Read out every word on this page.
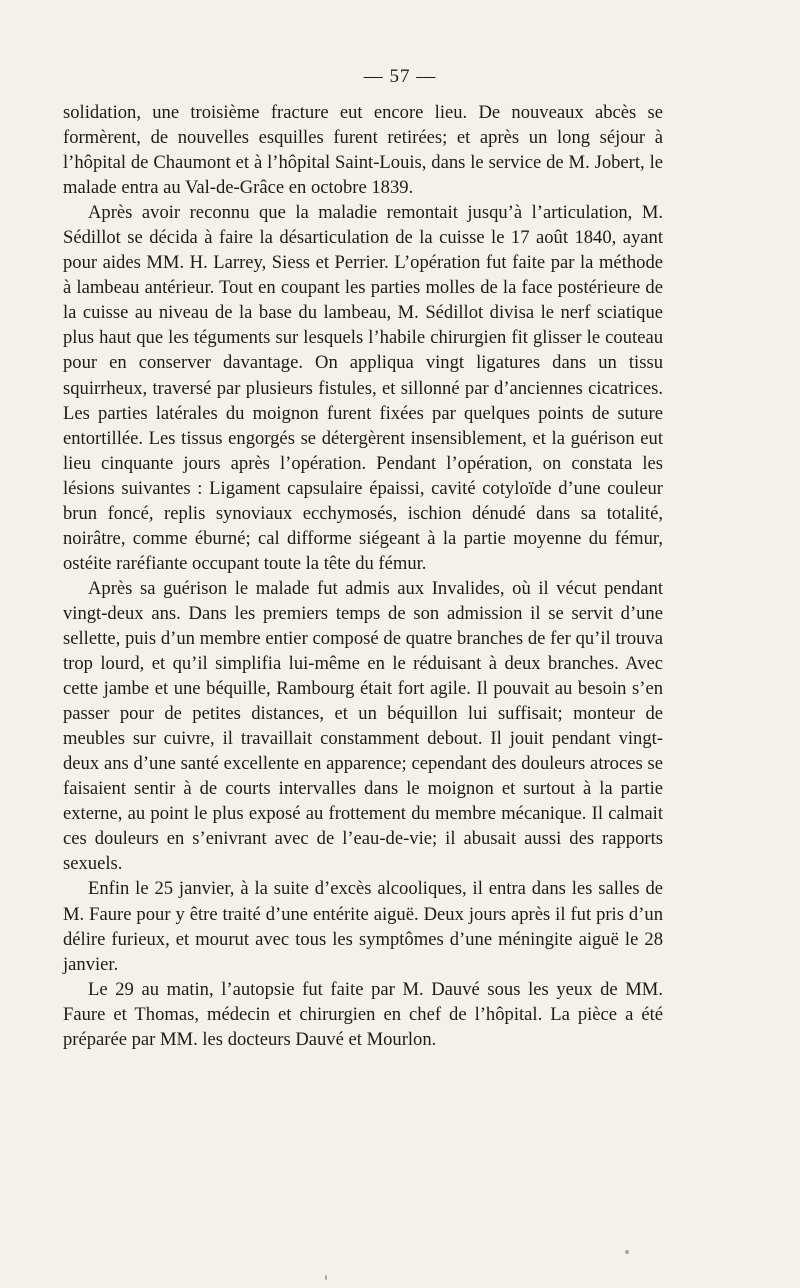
— 57 —

solidation, une troisième fracture eut encore lieu. De nouveaux abcès se formèrent, de nouvelles esquilles furent retirées; et après un long séjour à l’hôpital de Chaumont et à l’hôpital Saint-Louis, dans le service de M. Jobert, le malade entra au Val-de-Grâce en octobre 1839.

Après avoir reconnu que la maladie remontait jusqu’à l’articulation, M. Sédillot se décida à faire la désarticulation de la cuisse le 17 août 1840, ayant pour aides MM. H. Larrey, Siess et Perrier. L’opération fut faite par la méthode à lambeau antérieur. Tout en coupant les parties molles de la face postérieure de la cuisse au niveau de la base du lambeau, M. Sédillot divisa le nerf sciatique plus haut que les téguments sur lesquels l’habile chirurgien fit glisser le couteau pour en conserver davantage. On appliqua vingt ligatures dans un tissu squirrheux, traversé par plusieurs fistules, et sillonné par d’anciennes cicatrices. Les parties latérales du moignon furent fixées par quelques points de suture entortillée. Les tissus engorgés se détergèrent insensiblement, et la guérison eut lieu cinquante jours après l’opération. Pendant l’opération, on constata les lésions suivantes : Ligament capsulaire épaissi, cavité cotyloïde d’une couleur brun foncé, replis synoviaux ecchymosés, ischion dénudé dans sa totalité, noirâtre, comme éburné; cal difforme siégeant à la partie moyenne du fémur, ostéite raréfiante occupant toute la tête du fémur.

Après sa guérison le malade fut admis aux Invalides, où il vécut pendant vingt-deux ans. Dans les premiers temps de son admission il se servit d’une sellette, puis d’un membre entier composé de quatre branches de fer qu’il trouva trop lourd, et qu’il simplifia lui-même en le réduisant à deux branches. Avec cette jambe et une béquille, Rambourg était fort agile. Il pouvait au besoin s’en passer pour de petites distances, et un béquillon lui suffisait; monteur de meubles sur cuivre, il travaillait constamment debout. Il jouit pendant vingt-deux ans d’une santé excellente en apparence; cependant des douleurs atroces se faisaient sentir à de courts intervalles dans le moignon et surtout à la partie externe, au point le plus exposé au frottement du membre mécanique. Il calmait ces douleurs en s’enivrant avec de l’eau-de-vie; il abusait aussi des rapports sexuels.

Enfin le 25 janvier, à la suite d’excès alcooliques, il entra dans les salles de M. Faure pour y être traité d’une entérite aiguë. Deux jours après il fut pris d’un délire furieux, et mourut avec tous les symptômes d’une méningite aiguë le 28 janvier.

Le 29 au matin, l’autopsie fut faite par M. Dauvé sous les yeux de MM. Faure et Thomas, médecin et chirurgien en chef de l’hôpital. La pièce a été préparée par MM. les docteurs Dauvé et Mourlon.
